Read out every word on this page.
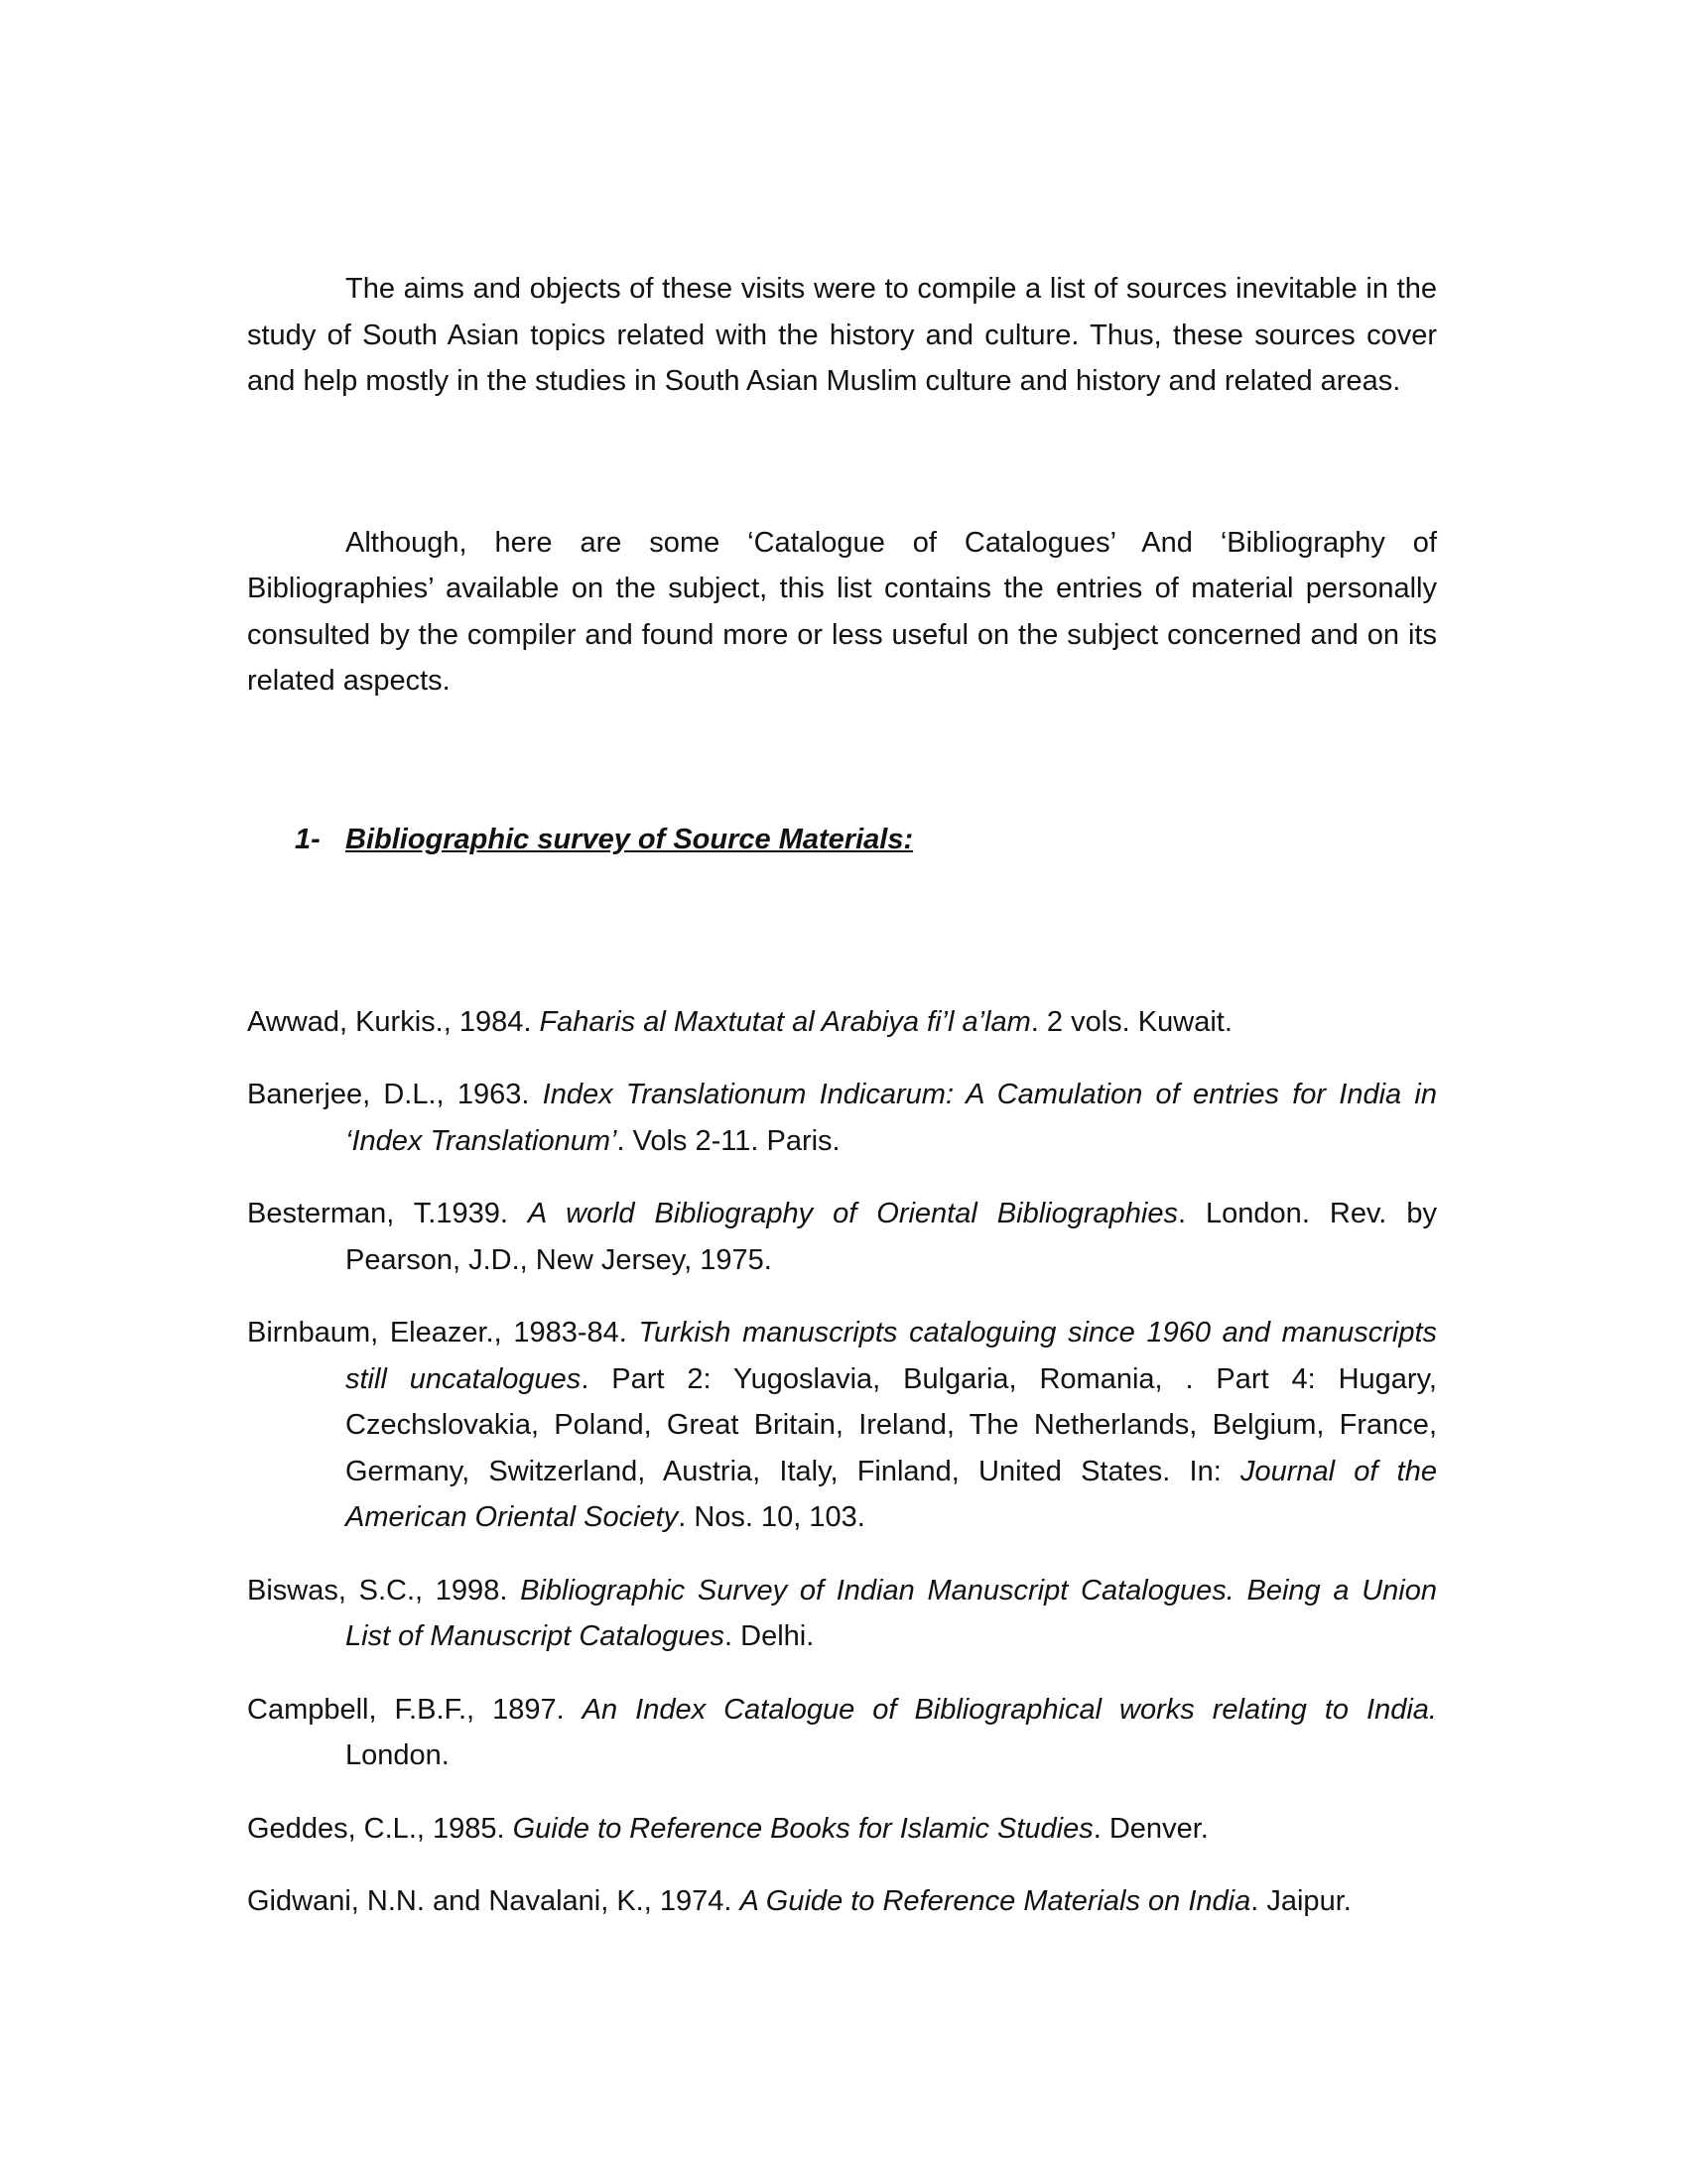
The aims and objects of these visits were to compile a list of sources inevitable in the study of South Asian topics related with the history and culture. Thus, these sources cover and help mostly in the studies in South Asian Muslim culture and history and related areas.

Although, here are some ‘Catalogue of Catalogues’ And ‘Bibliography of Bibliographies’ available on the subject, this list contains the entries of material personally consulted by the compiler and found more or less useful on the subject concerned and on its related aspects.

1- Bibliographic survey of Source Materials:

Awwad, Kurkis., 1984. Faharis al Maxtutat al Arabiya fi’l a’lam. 2 vols. Kuwait.

Banerjee, D.L., 1963. Index Translationum Indicarum: A Camulation of entries for India in ‘Index Translationum’. Vols 2-11. Paris.

Besterman, T.1939. A world Bibliography of Oriental Bibliographies. London. Rev. by Pearson, J.D., New Jersey, 1975.

Birnbaum, Eleazer., 1983-84. Turkish manuscripts cataloguing since 1960 and manuscripts still uncatalogues. Part 2: Yugoslavia, Bulgaria, Romania, . Part 4: Hugary, Czechslovakia, Poland, Great Britain, Ireland, The Netherlands, Belgium, France, Germany, Switzerland, Austria, Italy, Finland, United States. In: Journal of the American Oriental Society. Nos. 10, 103.

Biswas, S.C., 1998. Bibliographic Survey of Indian Manuscript Catalogues. Being a Union List of Manuscript Catalogues. Delhi.

Campbell, F.B.F., 1897. An Index Catalogue of Bibliographical works relating to India. London.

Geddes, C.L., 1985. Guide to Reference Books for Islamic Studies. Denver.

Gidwani, N.N. and Navalani, K., 1974. A Guide to Reference Materials on India. Jaipur.
